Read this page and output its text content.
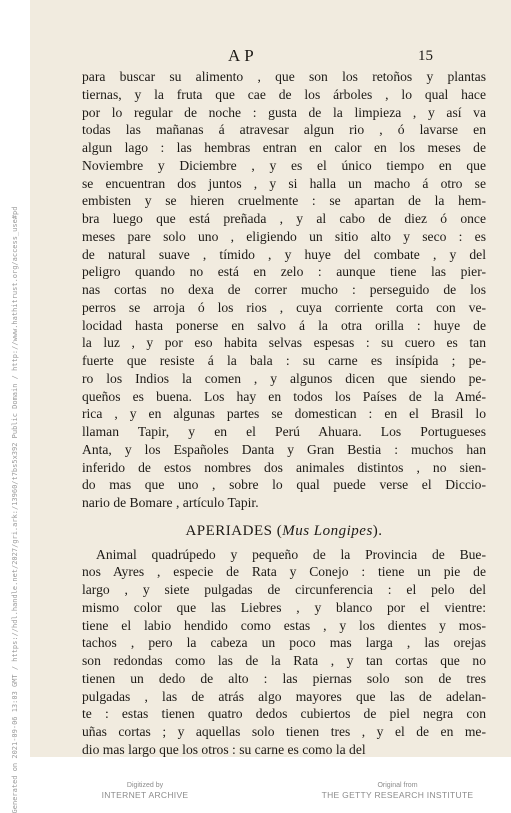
Generated on 2021-09-06 13:03 GMT / https://hdl.handle.net/2027/gri.ark:/13960/t7bs5x392 Public Domain / http://www.hathitrust.org/access_use#pd
AP	15
para buscar su alimento , que son los retoños y plantas
tiernas, y la fruta que cae de los árboles , lo qual hace
por lo regular de noche : gusta de la limpieza , y así va
todas las mañanas á atravesar algun rio , ó lavarse en
algun lago : las hembras entran en calor en los meses de
Noviembre y Diciembre , y es el único tiempo en que
se encuentran dos juntos , y si halla un macho á otro se
embisten y se hieren cruelmente : se apartan de la hem-
bra luego que está preñada , y al cabo de diez ó once
meses pare solo uno , eligiendo un sitio alto y seco : es
de natural suave , tímido , y huye del combate , y del
peligro quando no está en zelo : aunque tiene las pier-
nas cortas no dexa de correr mucho : perseguido de los
perros se arroja ó los rios , cuya corriente corta con ve-
locidad hasta ponerse en salvo á la otra orilla : huye de
la luz , y por eso habita selvas espesas : su cuero es tan
fuerte que resiste á la bala : su carne es insípida ; pe-
ro los Indios la comen , y algunos dicen que siendo pe-
queños es buena. Los hay en todos los Países de la Amé-
rica , y en algunas partes se domestican : en el Brasil lo
llaman Tapir, y en el Perú Ahuara. Los Portugueses
Anta, y los Españoles Danta y Gran Bestia : muchos han
inferido de estos nombres dos animales distintos , no sien-
do mas que uno , sobre lo qual puede verse el Diccio-
nario de Bomare , artículo Tapir.
APERIADES (Mus Longipes).
Animal quadrúpedo y pequeño de la Provincia de Bue-
nos Ayres , especie de Rata y Conejo : tiene un pie de
largo , y siete pulgadas de circunferencia : el pelo del
mismo color que las Liebres , y blanco por el vientre:
tiene el labio hendido como estas , y los dientes y mos-
tachos , pero la cabeza un poco mas larga , las orejas
son redondas como las de la Rata , y tan cortas que no
tienen un dedo de alto : las piernas solo son de tres
pulgadas , las de atrás algo mayores que las de adelan-
te : estas tienen quatro dedos cubiertos de piel negra con
uñas cortas ; y aquellas solo tienen tres , y el de en me-
dio mas largo que los otros : su carne es como la del
Digitized by
INTERNET ARCHIVE
Original from
THE GETTY RESEARCH INSTITUTE
